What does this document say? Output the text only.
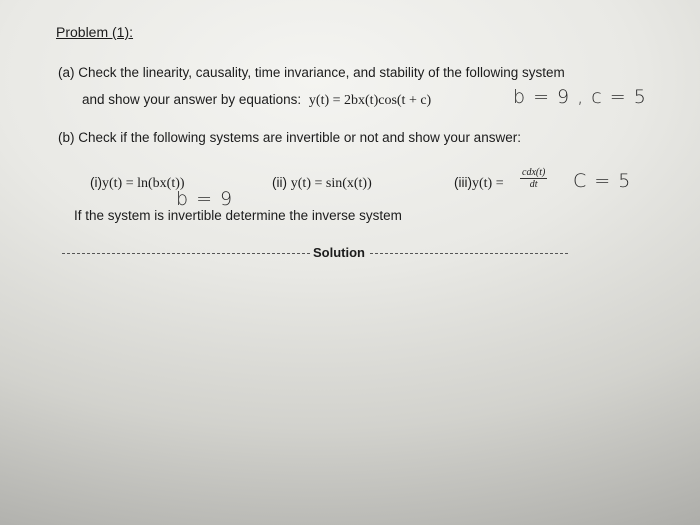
Problem (1):
(a) Check the linearity, causality, time invariance, and stability of the following system
and show your answer by equations: y(t) = 2bx(t)cos(t + c)	b = 9 , c = 5
(b) Check if the following systems are invertible or not and show your answer:
(i)y(t) = ln(bx(t))
b = 9
(ii) y(t) = sin(x(t))	(iii)y(t) =
cdx(t)
dt	C = 5
If the system is invertible determine the inverse system
Solution
